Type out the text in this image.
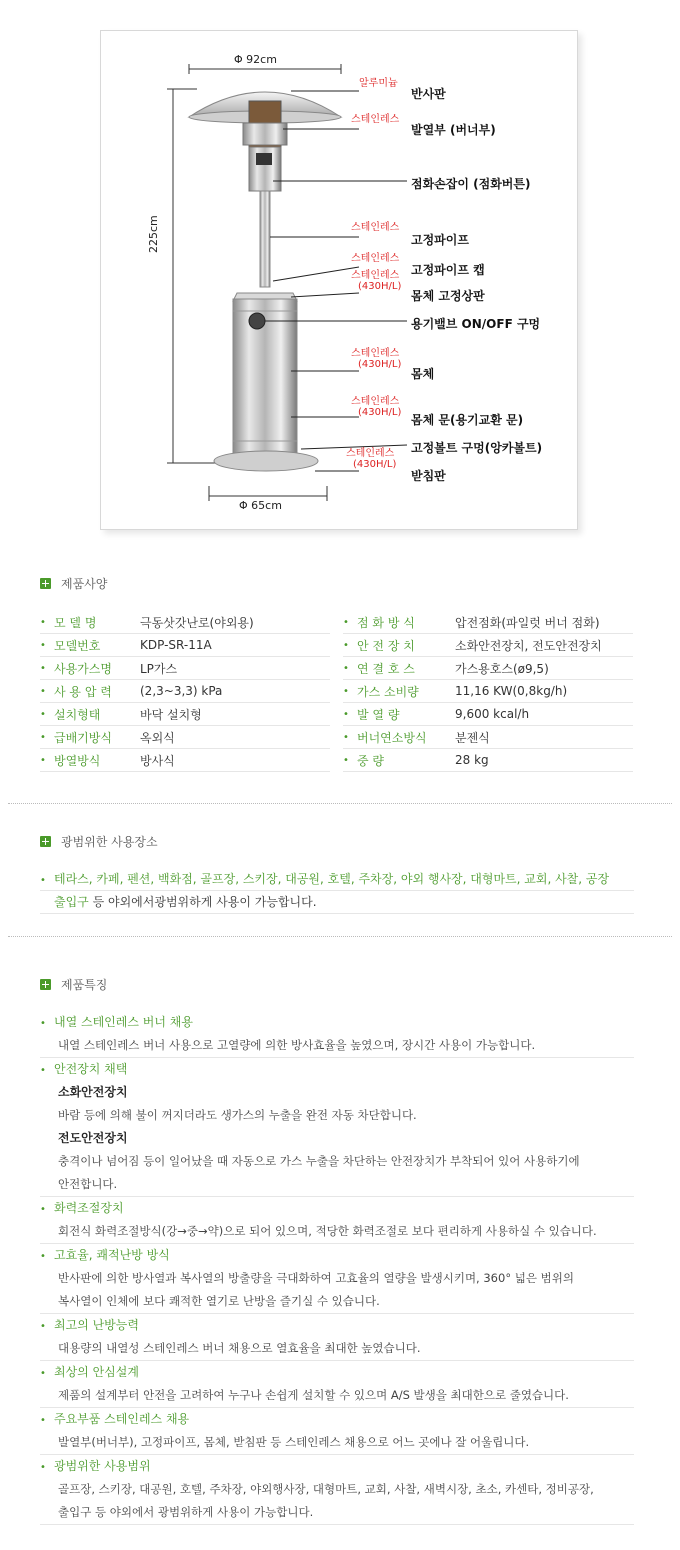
Φ 92cm
225cm
Φ 65cm
알루미늄
반사판
스테인레스
발열부 (버너부)
점화손잡이 (점화버튼)
스테인레스
고정파이프
스테인레스
고정파이프 캡
스테인레스
(430H/L)
몸체 고정상판
용기밸브 ON/OFF 구멍
스테인레스
(430H/L)
몸체
스테인레스
(430H/L)
몸체 문(용기교환 문)
고정볼트 구멍(앙카볼트)
스테인레스
(430H/L)
받침판
제품사양
• 모 델 명	극동삿갓난로(야외용)
• 모델번호	KDP-SR-11A
• 사용가스명	LP가스
• 사 용 압 력	(2,3~3,3) kPa
• 설치형태	바닥 설치형
• 급배기방식	옥외식
• 방열방식	방사식
• 점 화 방 식	압전점화(파일럿 버너 점화)
• 안 전 장 치	소화안전장치, 전도안전장치
• 연 결 호 스	가스용호스(ø9,5)
• 가스 소비량	11,16 KW(0,8kg/h)
• 발 열 량	9,600 kcal/h
• 버너연소방식	분젠식
• 중 량	28 kg
광범위한 사용장소
• 테라스, 카페, 펜션, 백화점, 골프장, 스키장, 대공원, 호텔, 주차장, 야외 행사장, 대형마트, 교회, 사찰, 공장
출입구 등 야외에서광범위하게 사용이 가능합니다.
제품특징
• 내열 스테인레스 버너 채용
내열 스테인레스 버너 사용으로 고열량에 의한 방사효율을 높였으며, 장시간 사용이 가능합니다.
• 안전장치 채택
소화안전장치
바람 등에 의해 불이 꺼지더라도 생가스의 누출을 완전 자동 차단합니다.
전도안전장치
충격이나 넘어짐 등이 일어났을 때 자동으로 가스 누출을 차단하는 안전장치가 부착되어 있어 사용하기에
안전합니다.
• 화력조절장치
회전식 화력조절방식(강→중→약)으로 되어 있으며, 적당한 화력조절로 보다 편리하게 사용하실 수 있습니다.
• 고효율, 쾌적난방 방식
반사판에 의한 방사열과 복사열의 방출량을 극대화하여 고효율의 열량을 발생시키며, 360° 넓은 범위의
복사열이 인체에 보다 쾌적한 열기로 난방을 즐기실 수 있습니다.
• 최고의 난방능력
대용량의 내열성 스테인레스 버너 채용으로 열효율을 최대한 높였습니다.
• 최상의 안심설계
제품의 설계부터 안전을 고려하여 누구나 손쉽게 설치할 수 있으며 A/S 발생을 최대한으로 줄였습니다.
• 주요부품 스테인레스 채용
발열부(버너부), 고정파이프, 몸체, 받침판 등 스테인레스 채용으로 어느 곳에나 잘 어울립니다.
• 광범위한 사용범위
골프장, 스키장, 대공원, 호텔, 주차장, 야외행사장, 대형마트, 교회, 사찰, 새벽시장, 초소, 카센타, 정비공장,
출입구 등 야외에서 광범위하게 사용이 가능합니다.
